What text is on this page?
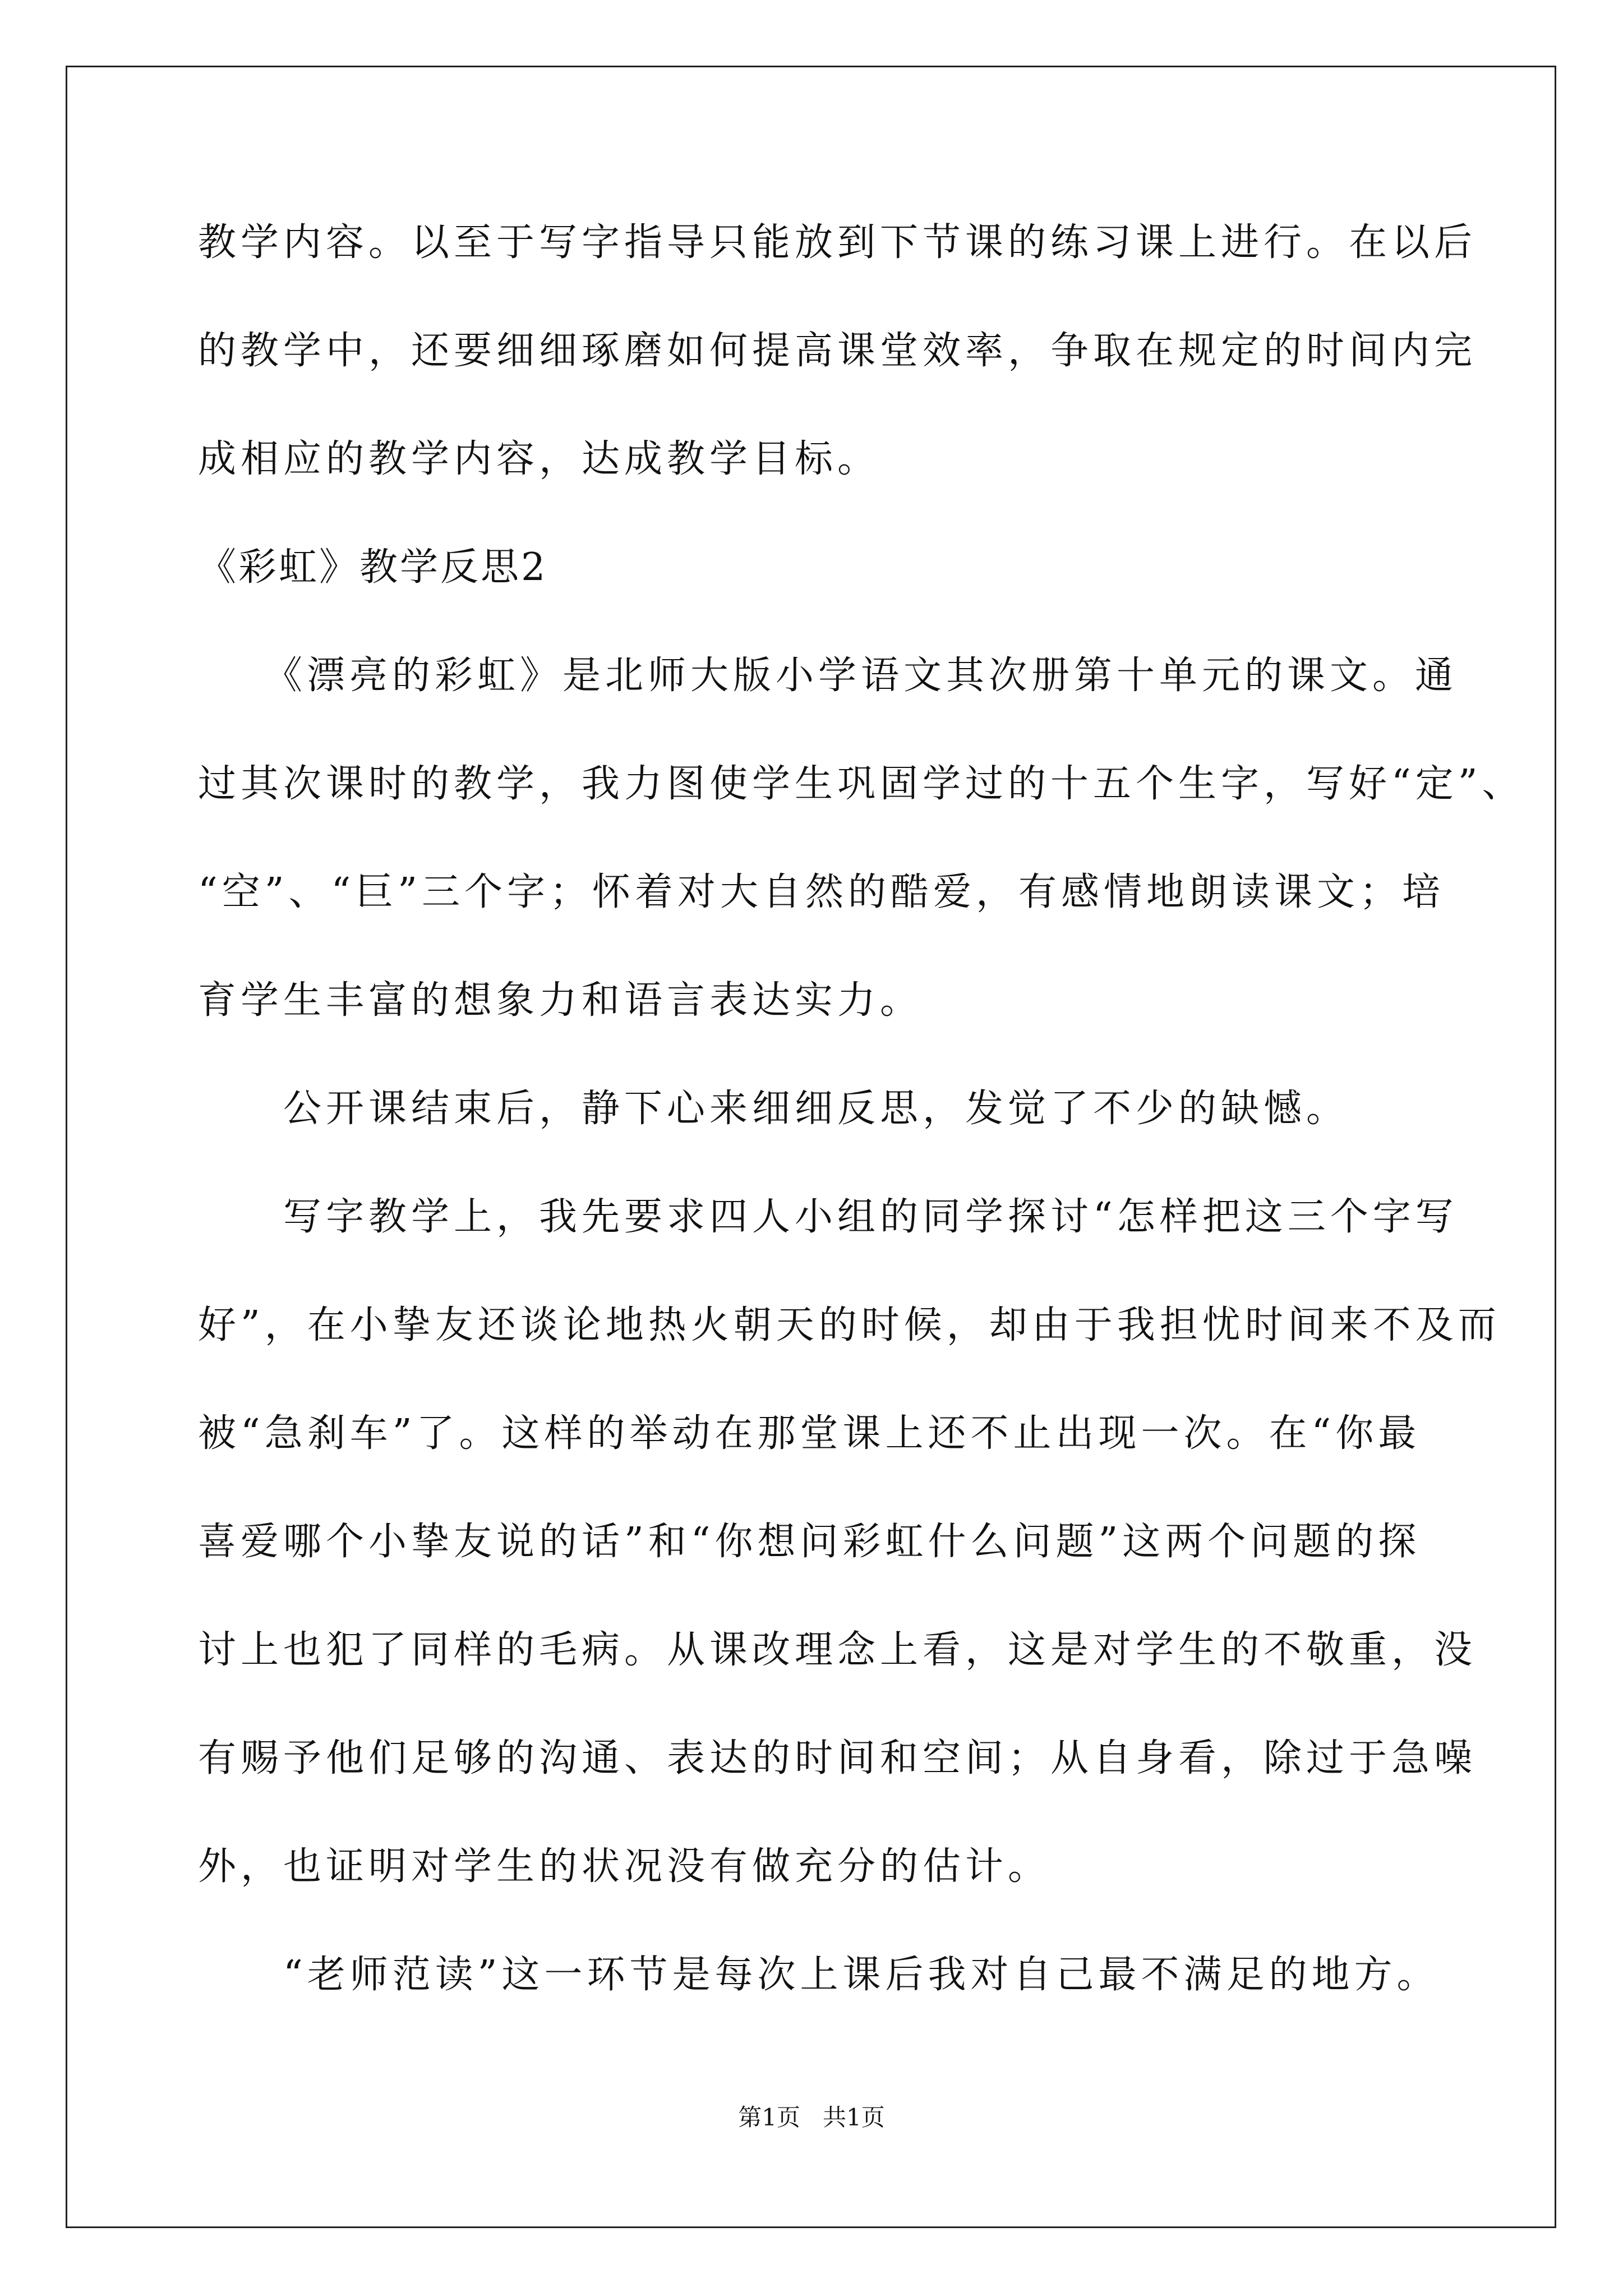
教学内容。以至于写字指导只能放到下节课的练习课上进行。在以后
的教学中，还要细细琢磨如何提高课堂效率，争取在规定的时间内完
成相应的教学内容，达成教学目标。
《彩虹》教学反思2
　　《漂亮的彩虹》是北师大版小学语文其次册第十单元的课文。通
过其次课时的教学，我力图使学生巩固学过的十五个生字，写好“定”、
“空”、“巨”三个字；怀着对大自然的酷爱，有感情地朗读课文；培
育学生丰富的想象力和语言表达实力。
　　公开课结束后，静下心来细细反思，发觉了不少的缺憾。
　　写字教学上，我先要求四人小组的同学探讨“怎样把这三个字写
好”，在小挚友还谈论地热火朝天的时候，却由于我担忧时间来不及而
被“急刹车”了。这样的举动在那堂课上还不止出现一次。在“你最
喜爱哪个小挚友说的话”和“你想问彩虹什么问题”这两个问题的探
讨上也犯了同样的毛病。从课改理念上看，这是对学生的不敬重，没
有赐予他们足够的沟通、表达的时间和空间；从自身看，除过于急噪
外，也证明对学生的状况没有做充分的估计。
　　“老师范读”这一环节是每次上课后我对自己最不满足的地方。
第1页 共1页
